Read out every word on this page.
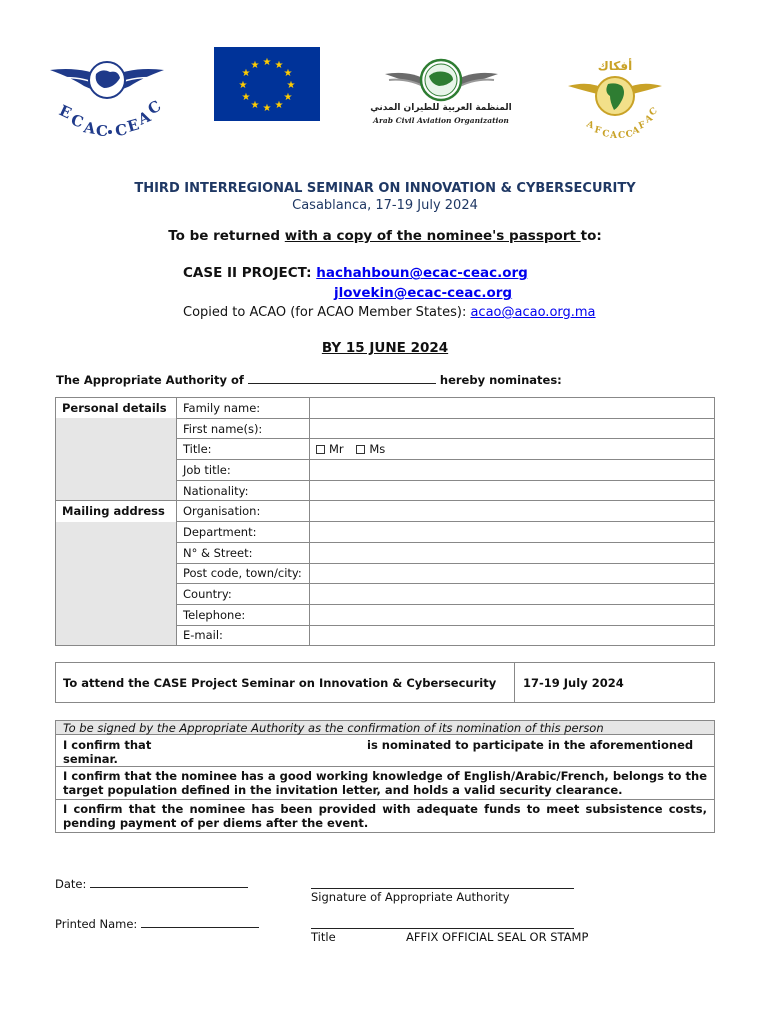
E
C
A C C
E
A
C
★ ★
★
★
★
★
★
★
★
★
★
★
المنظمة العربية للطيران المدني
Arab Civil Aviation Organization
أفكاك
A
F C A C C
A
F
A
C
THIRD INTERREGIONAL SEMINAR ON INNOVATION & CYBERSECURITY
Casablanca, 17-19 July 2024
To be returned with a copy of the nominee's passport to:
CASE II PROJECT: hachahboun@ecac-ceac.org
jlovekin@ecac-ceac.org
Copied to ACAO (for ACAO Member States): acao@acao.org.ma
BY 15 JUNE 2024
The Appropriate Authority of	hereby nominates:
Personal details	Family name:	
	First name(s):	
	Title:	Mr Ms
	Job title:	
	Nationality:	
Mailing address	Organisation:	
	Department:	
	N° & Street:	
	Post code, town/city:	
	Country:	
	Telephone:	
	E-mail:	
To attend the CASE Project Seminar on Innovation & Cybersecurity 17-19 July 2024
To be signed by the Appropriate Authority as the confirmation of its nomination of this person
I confirm that	is nominated to participate in the aforementioned
seminar.
I confirm that the nominee has a good working knowledge of English/Arabic/French, belongs to the target population defined in the invitation letter, and holds a valid security clearance.
I confirm that the nominee has been provided with adequate funds to meet subsistence costs, pending payment of per diems after the event.
Date:
Signature of Appropriate Authority
Printed Name:
Title	AFFIX OFFICIAL SEAL OR STAMP
